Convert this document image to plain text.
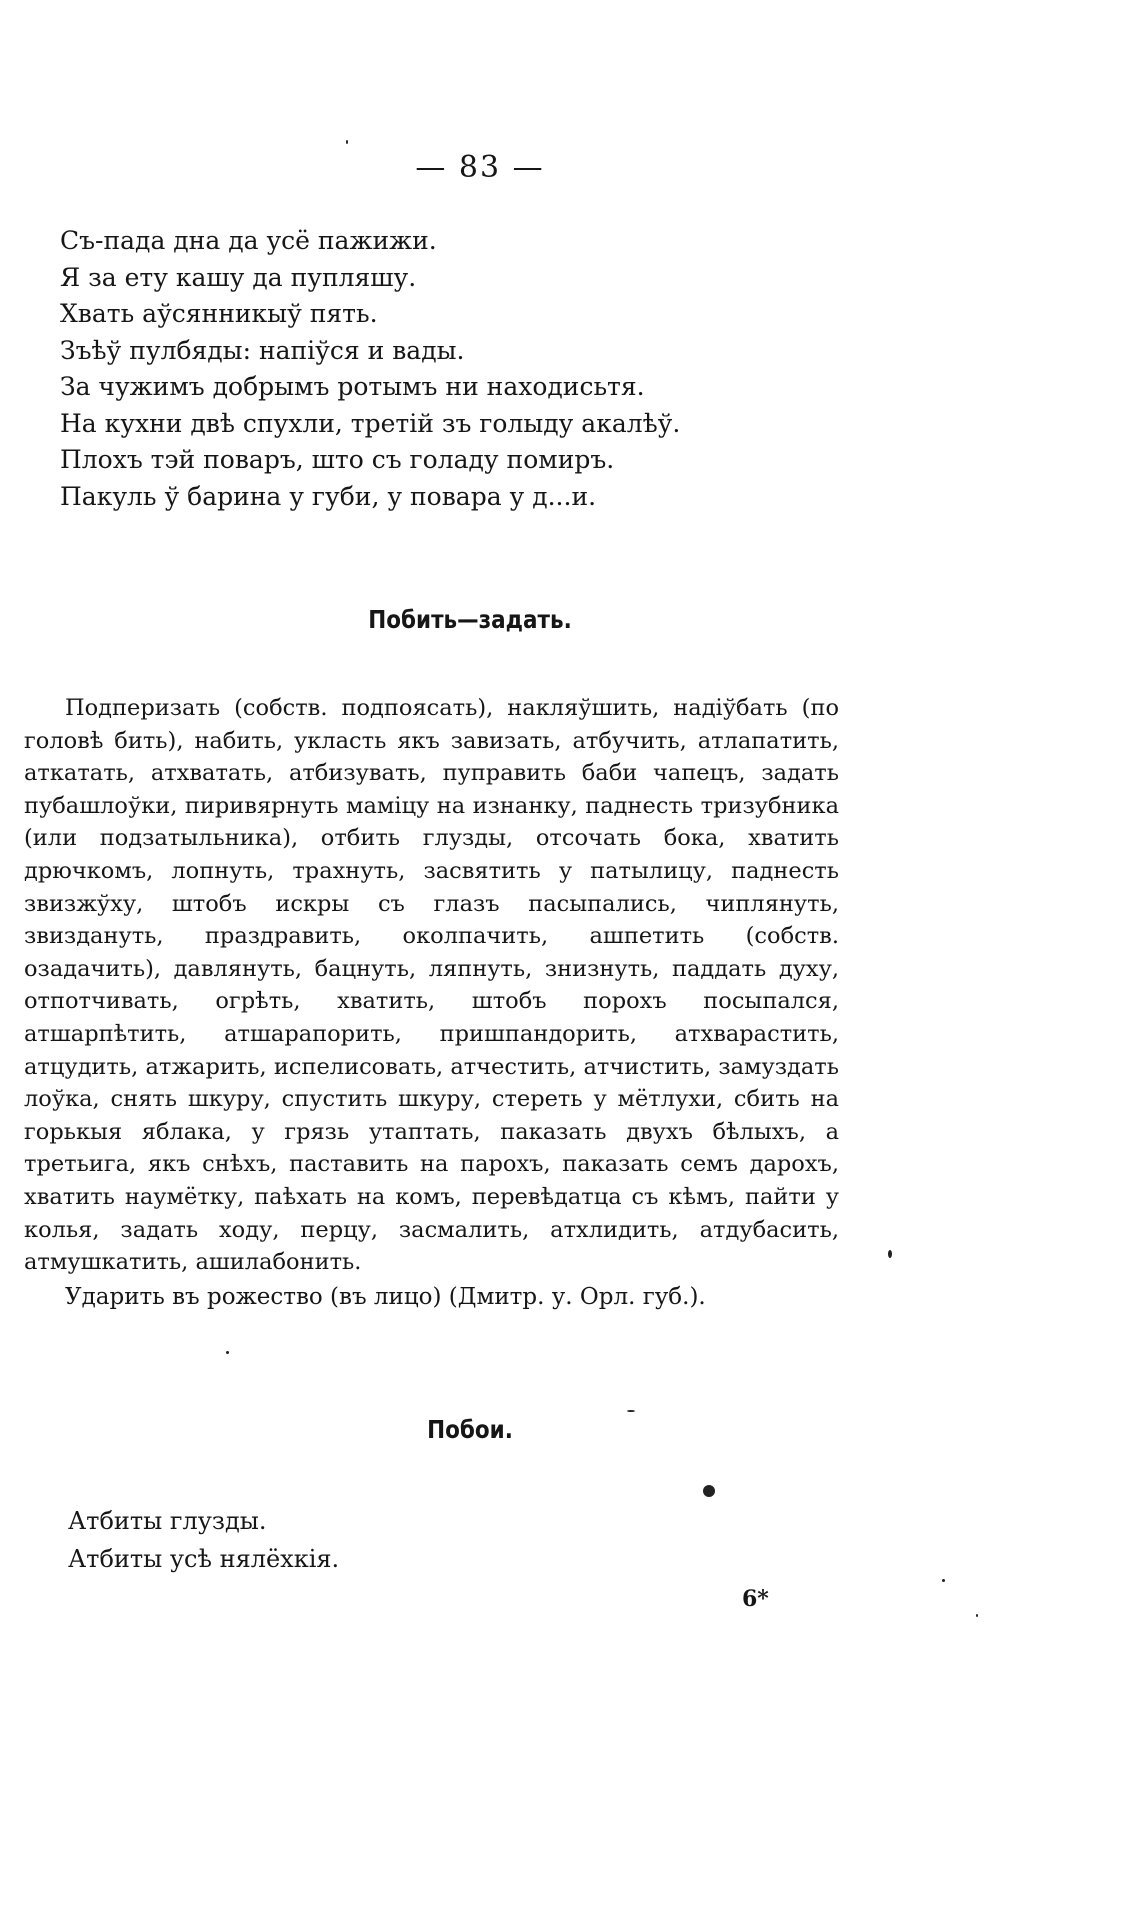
— 83 —
Съ-пада дна да усё пажижи.
Я за ету кашу да пупляшу.
Хвать аўсянникыў пять.
Зъѣў пулбяды: напіўся и вады.
За чужимъ добрымъ ротымъ ни находисьтя.
На кухни двѣ спухли, третій зъ голыду акалѣў.
Плохъ тэй поваръ, што съ голаду помиръ.
Пакуль ў барина у губи, у повара у д...и.
Побить—задать.

Подперизать (собств. подпоясать), накляўшить, надіўбать (по головѣ бить), набить, укласть якъ завизать, атбучить, атлапатить, аткатать, атхватать, атбизувать, пуправить баби чапецъ, задать пубашлоўки, пиривярнуть маміцу на изнанку, паднесть тризубника (или подзатыльника), отбить глузды, отсочать бока, хватить дрючкомъ, лопнуть, трахнуть, засвятить у патылицу, паднесть звизжўху, штобъ искры съ глазъ пасыпались, чиплянуть, звиздануть, праздравить, околпачить, ашпетить (собств. озадачить), давлянуть, бацнуть, ляпнуть, знизнуть, паддать духу, отпотчивать, огрѣть, хватить, штобъ порохъ посыпался, атшарпѣтить, атшарапорить, пришпандорить, атхварастить, атцудить, атжарить, испелисовать, атчестить, атчистить, замуздать лоўка, снять шкуру, спустить шкуру, стереть у мётлухи, сбить на горькыя яблака, у грязь утаптать, паказать двухъ бѣлыхъ, а третьига, якъ снѣхъ, паставить на парохъ, паказать семъ дарохъ, хватить наумётку, паѣхать на комъ, перевѣдатца съ кѣмъ, пайти у колья, задать ходу, перцу, засмалить, атхлидить, атдубасить, атмушкатить, ашилабонить.

Ударить въ рожество (въ лицо) (Дмитр. у. Орл. губ.).

Побои.
Атбиты глузды.
Атбиты усѣ нялёхкія.
6*
